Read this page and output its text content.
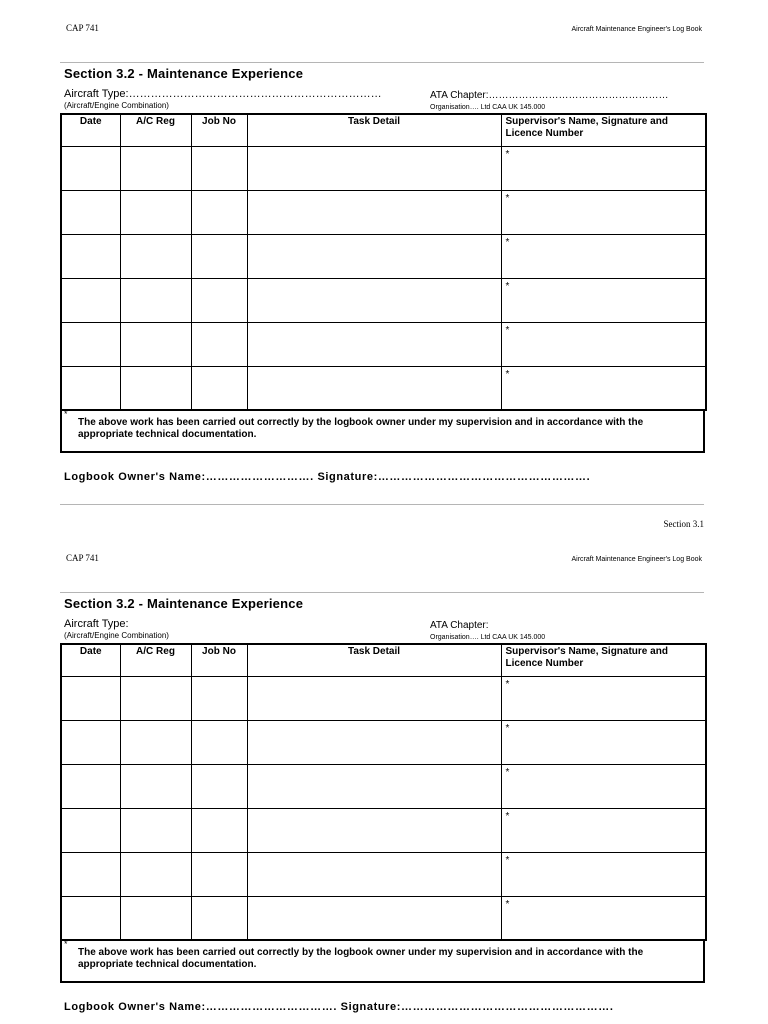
CAP 741	Aircraft Maintenance Engineer's Log Book
Section 3.2 - Maintenance Experience
Aircraft Type:……………………………………………………………
(Aircraft/Engine Combination)
ATA Chapter:………………………………………………
Organisation…. Ltd CAA UK 145.000
Date	A/C Reg	Job No	Task Detail	Supervisor's Name, Signature and Licence Number
				*
				*
				*
				*
				*
				*
*
The above work has been carried out correctly by the logbook owner under my supervision and in accordance with the appropriate technical documentation.
Logbook Owner's Name:………………………. Signature:……………………………………………….
Section 3.1
CAP 741	Aircraft Maintenance Engineer's Log Book
Section 3.2 - Maintenance Experience
Aircraft Type:
(Aircraft/Engine Combination)
ATA Chapter:
Organisation…. Ltd CAA UK 145.000
Date	A/C Reg	Job No	Task Detail	Supervisor's Name, Signature and Licence Number
				*
				*
				*
				*
				*
				*
*
The above work has been carried out correctly by the logbook owner under my supervision and in accordance with the appropriate technical documentation.
Logbook Owner's Name:……………………………. Signature:……………………………………………….
